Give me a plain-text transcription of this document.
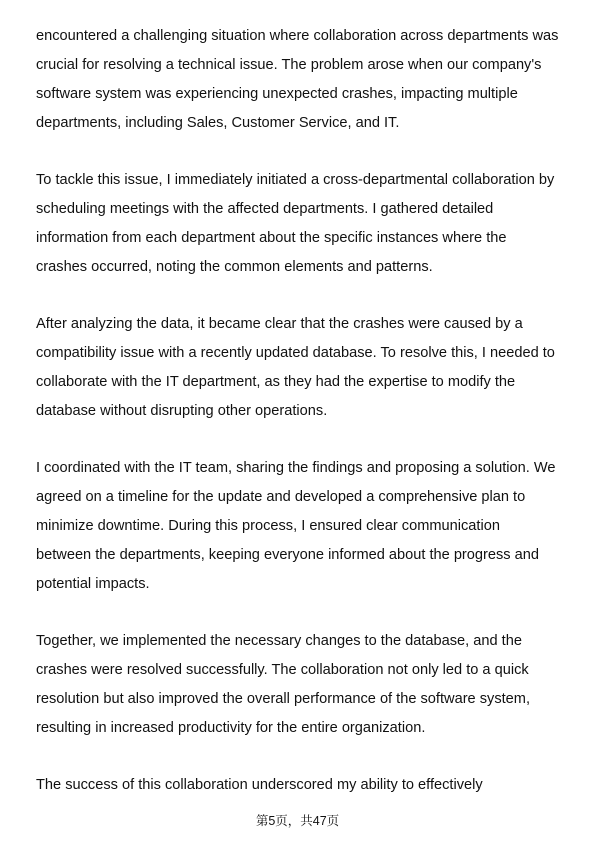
encountered a challenging situation where collaboration across departments was crucial for resolving a technical issue. The problem arose when our company's software system was experiencing unexpected crashes, impacting multiple departments, including Sales, Customer Service, and IT.

To tackle this issue, I immediately initiated a cross-departmental collaboration by scheduling meetings with the affected departments. I gathered detailed information from each department about the specific instances where the crashes occurred, noting the common elements and patterns.

After analyzing the data, it became clear that the crashes were caused by a compatibility issue with a recently updated database. To resolve this, I needed to collaborate with the IT department, as they had the expertise to modify the database without disrupting other operations.

I coordinated with the IT team, sharing the findings and proposing a solution. We agreed on a timeline for the update and developed a comprehensive plan to minimize downtime. During this process, I ensured clear communication between the departments, keeping everyone informed about the progress and potential impacts.

Together, we implemented the necessary changes to the database, and the crashes were resolved successfully. The collaboration not only led to a quick resolution but also improved the overall performance of the software system, resulting in increased productivity for the entire organization.

The success of this collaboration underscored my ability to effectively

第5页，共47页
